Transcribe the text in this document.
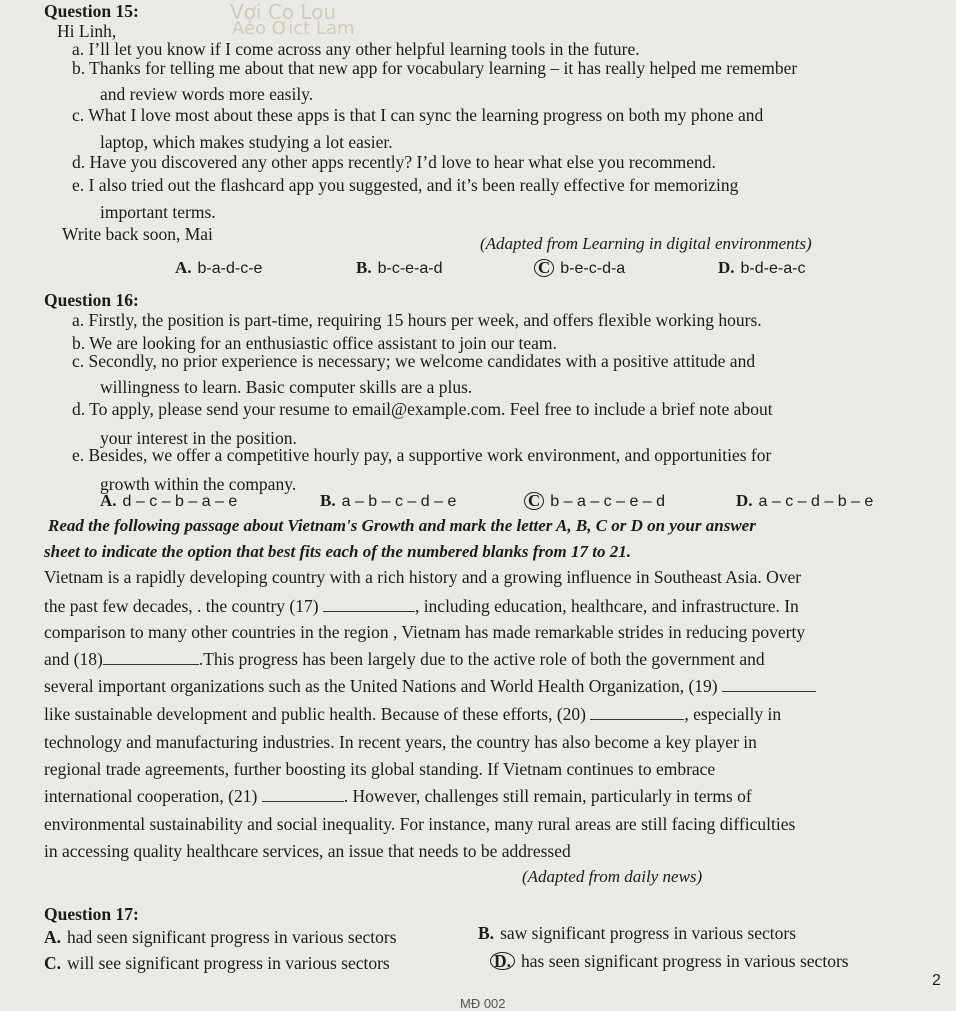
Vợi Co Lou
Aeo Ơict Lam
Question 15:
Hi Linh,
a. I’ll let you know if I come across any other helpful learning tools in the future.
b. Thanks for telling me about that new app for vocabulary learning – it has really helped me remember
and review words more easily.
c. What I love most about these apps is that I can sync the learning progress on both my phone and
laptop, which makes studying a lot easier.
d. Have you discovered any other apps recently? I’d love to hear what else you recommend.
e. I also tried out the flashcard app you suggested, and it’s been really effective for memorizing
important terms.
Write back soon, Mai	(Adapted from Learning in digital environments)
A. b-a-d-c-e	B. b-c-e-a-d	C b-e-c-d-a	D. b-d-e-a-c
Question 16:
a. Firstly, the position is part-time, requiring 15 hours per week, and offers flexible working hours.
b. We are looking for an enthusiastic office assistant to join our team.
c. Secondly, no prior experience is necessary; we welcome candidates with a positive attitude and
willingness to learn. Basic computer skills are a plus.
d. To apply, please send your resume to email@example.com. Feel free to include a brief note about
your interest in the position.
e. Besides, we offer a competitive hourly pay, a supportive work environment, and opportunities for
growth within the company.
A. d – c – b – a – e	B. a – b – c – d – e	C b – a – c – e – d	D. a – c – d – b – e
Read the following passage about Vietnam's Growth and mark the letter A, B, C or D on your answer
sheet to indicate the option that best fits each of the numbered blanks from 17 to 21.
Vietnam is a rapidly developing country with a rich history and a growing influence in Southeast Asia. Over
the past few decades, . the country (17)	, including education, healthcare, and infrastructure. In
comparison to many other countries in the region , Vietnam has made remarkable strides in reducing poverty
and (18)	.This progress has been largely due to the active role of both the government and
several important organizations such as the United Nations and World Health Organization, (19)
like sustainable development and public health. Because of these efforts, (20)	, especially in
technology and manufacturing industries. In recent years, the country has also become a key player in
regional trade agreements, further boosting its global standing. If Vietnam continues to embrace
international cooperation, (21)	. However, challenges still remain, particularly in terms of
environmental sustainability and social inequality. For instance, many rural areas are still facing difficulties
in accessing quality healthcare services, an issue that needs to be addressed
(Adapted from daily news)
Question 17:
A. had seen significant progress in various sectors	B. saw significant progress in various sectors
C. will see significant progress in various sectors	D. has seen significant progress in various sectors
2
MĐ 002
